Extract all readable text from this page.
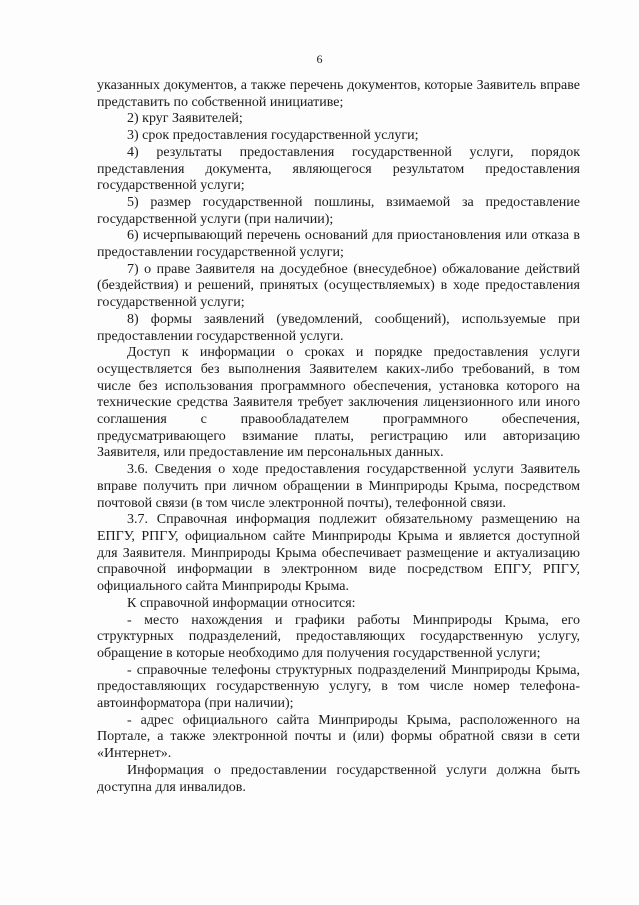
6

указанных документов, а также перечень документов, которые Заявитель вправе представить по собственной инициативе;

2) круг Заявителей;

3) срок предоставления государственной услуги;

4) результаты предоставления государственной услуги, порядок представления документа, являющегося результатом предоставления государственной услуги;

5) размер государственной пошлины, взимаемой за предоставление государственной услуги (при наличии);

6) исчерпывающий перечень оснований для приостановления или отказа в предоставлении государственной услуги;

7) о праве Заявителя на досудебное (внесудебное) обжалование действий (бездействия) и решений, принятых (осуществляемых) в ходе предоставления государственной услуги;

8) формы заявлений (уведомлений, сообщений), используемые при предоставлении государственной услуги.

Доступ к информации о сроках и порядке предоставления услуги осуществляется без выполнения Заявителем каких-либо требований, в том числе без использования программного обеспечения, установка которого на технические средства Заявителя требует заключения лицензионного или иного соглашения с правообладателем программного обеспечения, предусматривающего взимание платы, регистрацию или авторизацию Заявителя, или предоставление им персональных данных.

3.6. Сведения о ходе предоставления государственной услуги Заявитель вправе получить при личном обращении в Минприроды Крыма, посредством почтовой связи (в том числе электронной почты), телефонной связи.

3.7. Справочная информация подлежит обязательному размещению на ЕПГУ, РПГУ, официальном сайте Минприроды Крыма и является доступной для Заявителя. Минприроды Крыма обеспечивает размещение и актуализацию справочной информации в электронном виде посредством ЕПГУ, РПГУ, официального сайта Минприроды Крыма.

К справочной информации относится:

- место нахождения и графики работы Минприроды Крыма, его структурных подразделений, предоставляющих государственную услугу, обращение в которые необходимо для получения государственной услуги;

- справочные телефоны структурных подразделений Минприроды Крыма, предоставляющих государственную услугу, в том числе номер телефона-автоинформатора (при наличии);

- адрес официального сайта Минприроды Крыма, расположенного на Портале, а также электронной почты и (или) формы обратной связи в сети «Интернет».

Информация о предоставлении государственной услуги должна быть доступна для инвалидов.
